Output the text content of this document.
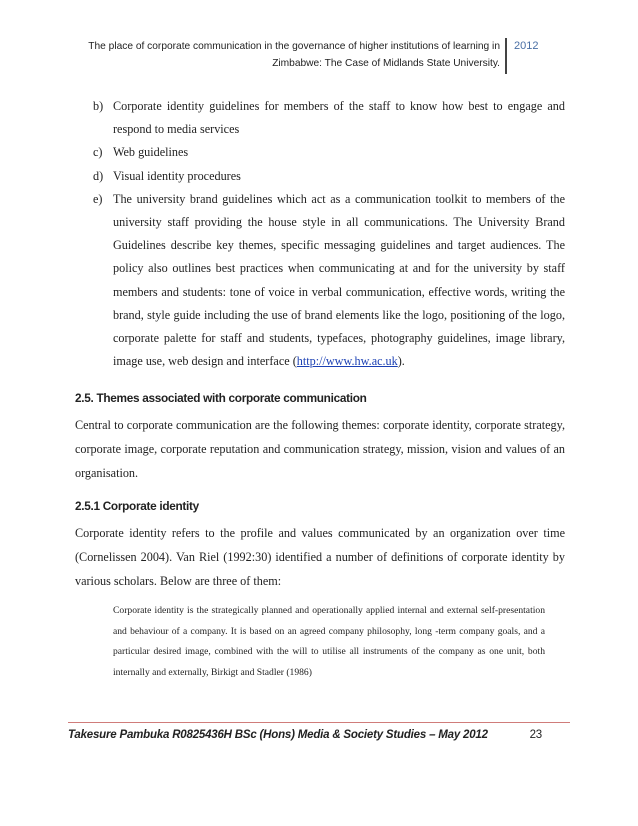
The place of corporate communication in the governance of higher institutions of learning in
Zimbabwe: The Case of Midlands State University.
2012
b) Corporate identity guidelines for members of the staff to know how best to engage and respond to media services
c) Web guidelines
d) Visual identity procedures
e) The university brand guidelines which act as a communication toolkit to members of the university staff providing the house style in all communications. The University Brand Guidelines describe key themes, specific messaging guidelines and target audiences. The policy also outlines best practices when communicating at and for the university by staff members and students: tone of voice in verbal communication, effective words, writing the brand, style guide including the use of brand elements like the logo, positioning of the logo, corporate palette for staff and students, typefaces, photography guidelines, image library, image use, web design and interface (http://www.hw.ac.uk).
2.5. Themes associated with corporate communication
Central to corporate communication are the following themes: corporate identity, corporate strategy, corporate image, corporate reputation and communication strategy, mission, vision and values of an organisation.
2.5.1 Corporate identity
Corporate identity refers to the profile and values communicated by an organization over time (Cornelissen 2004). Van Riel (1992:30) identified a number of definitions of corporate identity by various scholars. Below are three of them:
Corporate identity is the strategically planned and operationally applied internal and external self-presentation and behaviour of a company. It is based on an agreed company philosophy, long -term company goals, and a particular desired image, combined with the will to utilise all instruments of the company as one unit, both internally and externally, Birkigt and Stadler (1986)
Takesure Pambuka R0825436H BSc (Hons) Media & Society Studies – May 2012	23
